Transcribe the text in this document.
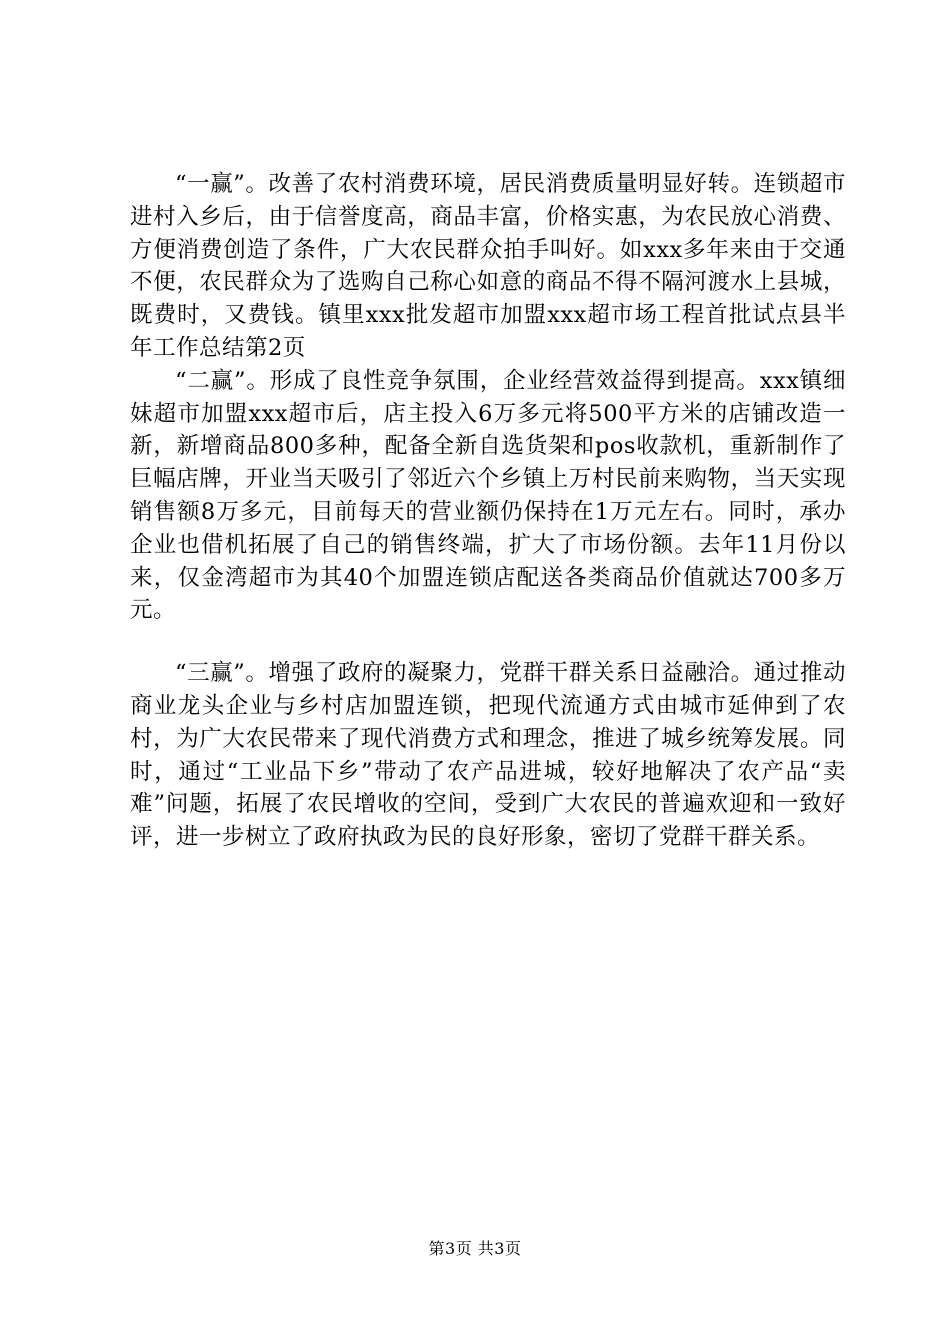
“一赢”。改善了农村消费环境，居民消费质量明显好转。连锁超市进村入乡后，由于信誉度高，商品丰富，价格实惠，为农民放心消费、方便消费创造了条件，广大农民群众拍手叫好。如xxx多年来由于交通不便，农民群众为了选购自己称心如意的商品不得不隔河渡水上县城，既费时，又费钱。镇里xxx批发超市加盟xxx超市场工程首批试点县半年工作总结第2页

“二赢”。形成了良性竞争氛围，企业经营效益得到提高。xxx镇细妹超市加盟xxx超市后，店主投入6万多元将500平方米的店铺改造一新，新增商品800多种，配备全新自选货架和pos收款机，重新制作了巨幅店牌，开业当天吸引了邻近六个乡镇上万村民前来购物，当天实现销售额8万多元，目前每天的营业额仍保持在1万元左右。同时，承办企业也借机拓展了自己的销售终端，扩大了市场份额。去年11月份以来，仅金湾超市为其40个加盟连锁店配送各类商品价值就达700多万元。

“三赢”。增强了政府的凝聚力，党群干群关系日益融洽。通过推动商业龙头企业与乡村店加盟连锁，把现代流通方式由城市延伸到了农村，为广大农民带来了现代消费方式和理念，推进了城乡统筹发展。同时，通过“工业品下乡”带动了农产品进城，较好地解决了农产品“卖难”问题，拓展了农民增收的空间，受到广大农民的普遍欢迎和一致好评，进一步树立了政府执政为民的良好形象，密切了党群干群关系。

第3页 共3页
